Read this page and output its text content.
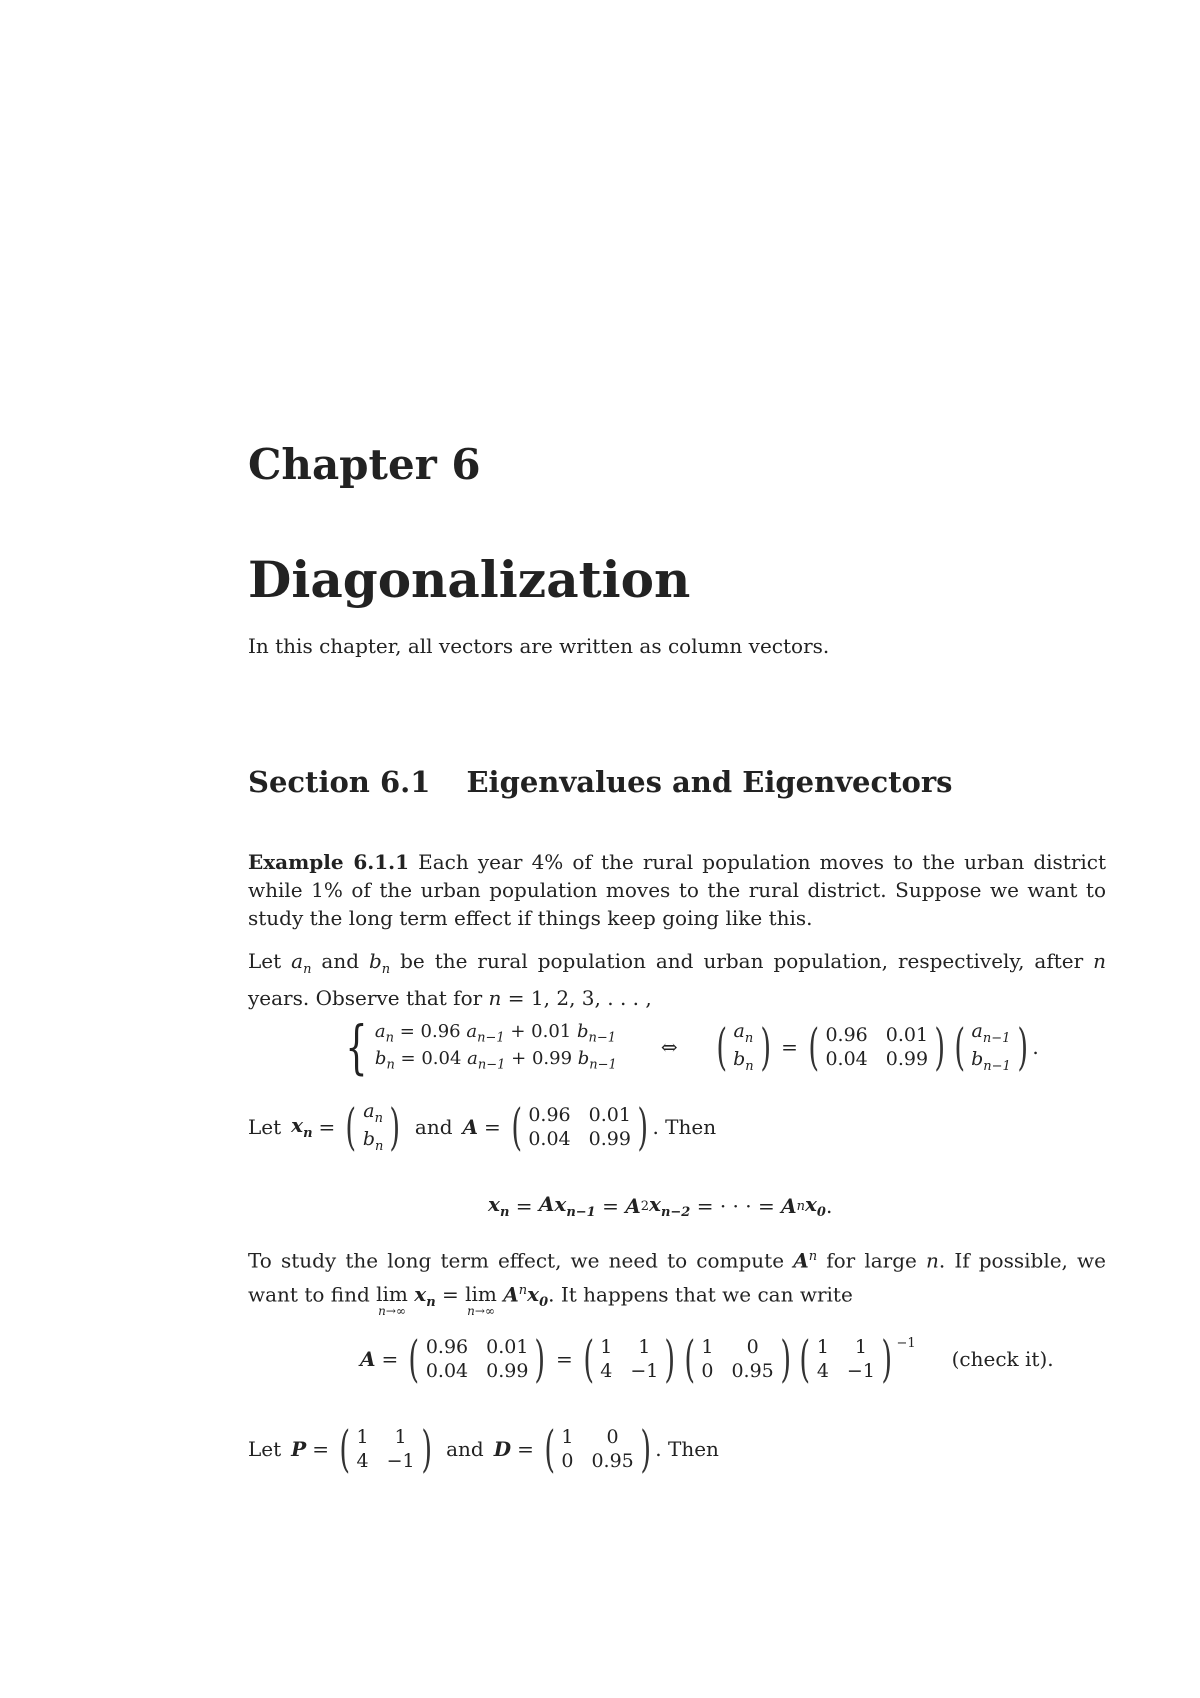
Chapter 6
Diagonalization
In this chapter, all vectors are written as column vectors.
Section 6.1 Eigenvalues and Eigenvectors
Example 6.1.1 Each year 4% of the rural population moves to the urban district while 1% of the urban population moves to the rural district. Suppose we want to study the long term effect if things keep going like this.
Let $a_n$ and $b_n$ be the rural population and urban population, respectively, after n years. Observe that for n = 1, 2, 3, . . . ,
{ $a_n = 0.96$ $a_{n-1} + 0.01$ $b_{n-1}$
$b_n = 0.04$ $a_{n-1} + 0.99$ $b_{n-1}$
⇔ ( $a_n$
$b_n$ ) = ( 0.96 0.01
0.04 0.99 ) ( $a_{n-1}$
$b_{n-1}$ ) .
Let $x_n$ = ( $a_n$
$b_n$ ) and A = ( 0.96 0.01
0.04 0.99 ) . Then
$x_n = Ax_{n-1} = A$ 2 $x_{n-2}$ = · · · = A n $x_0$ .
To study the long term effect, we need to compute $A^n$ for large n. If possible, we want to find lim
n→∞
$x_n = \lim$
n→∞
$A^nx_0$. It happens that we can write
A = ( 0.96 0.01
0.04 0.99 ) = ( 1	1
4 −1 ) ( 1	0
0 0.95 ) ( 1	1
4 −1 ) $^{-1}$
(check it).
Let P = ( 1	1
4 −1 ) and D = ( 1	0
0 0.95 ) . Then
